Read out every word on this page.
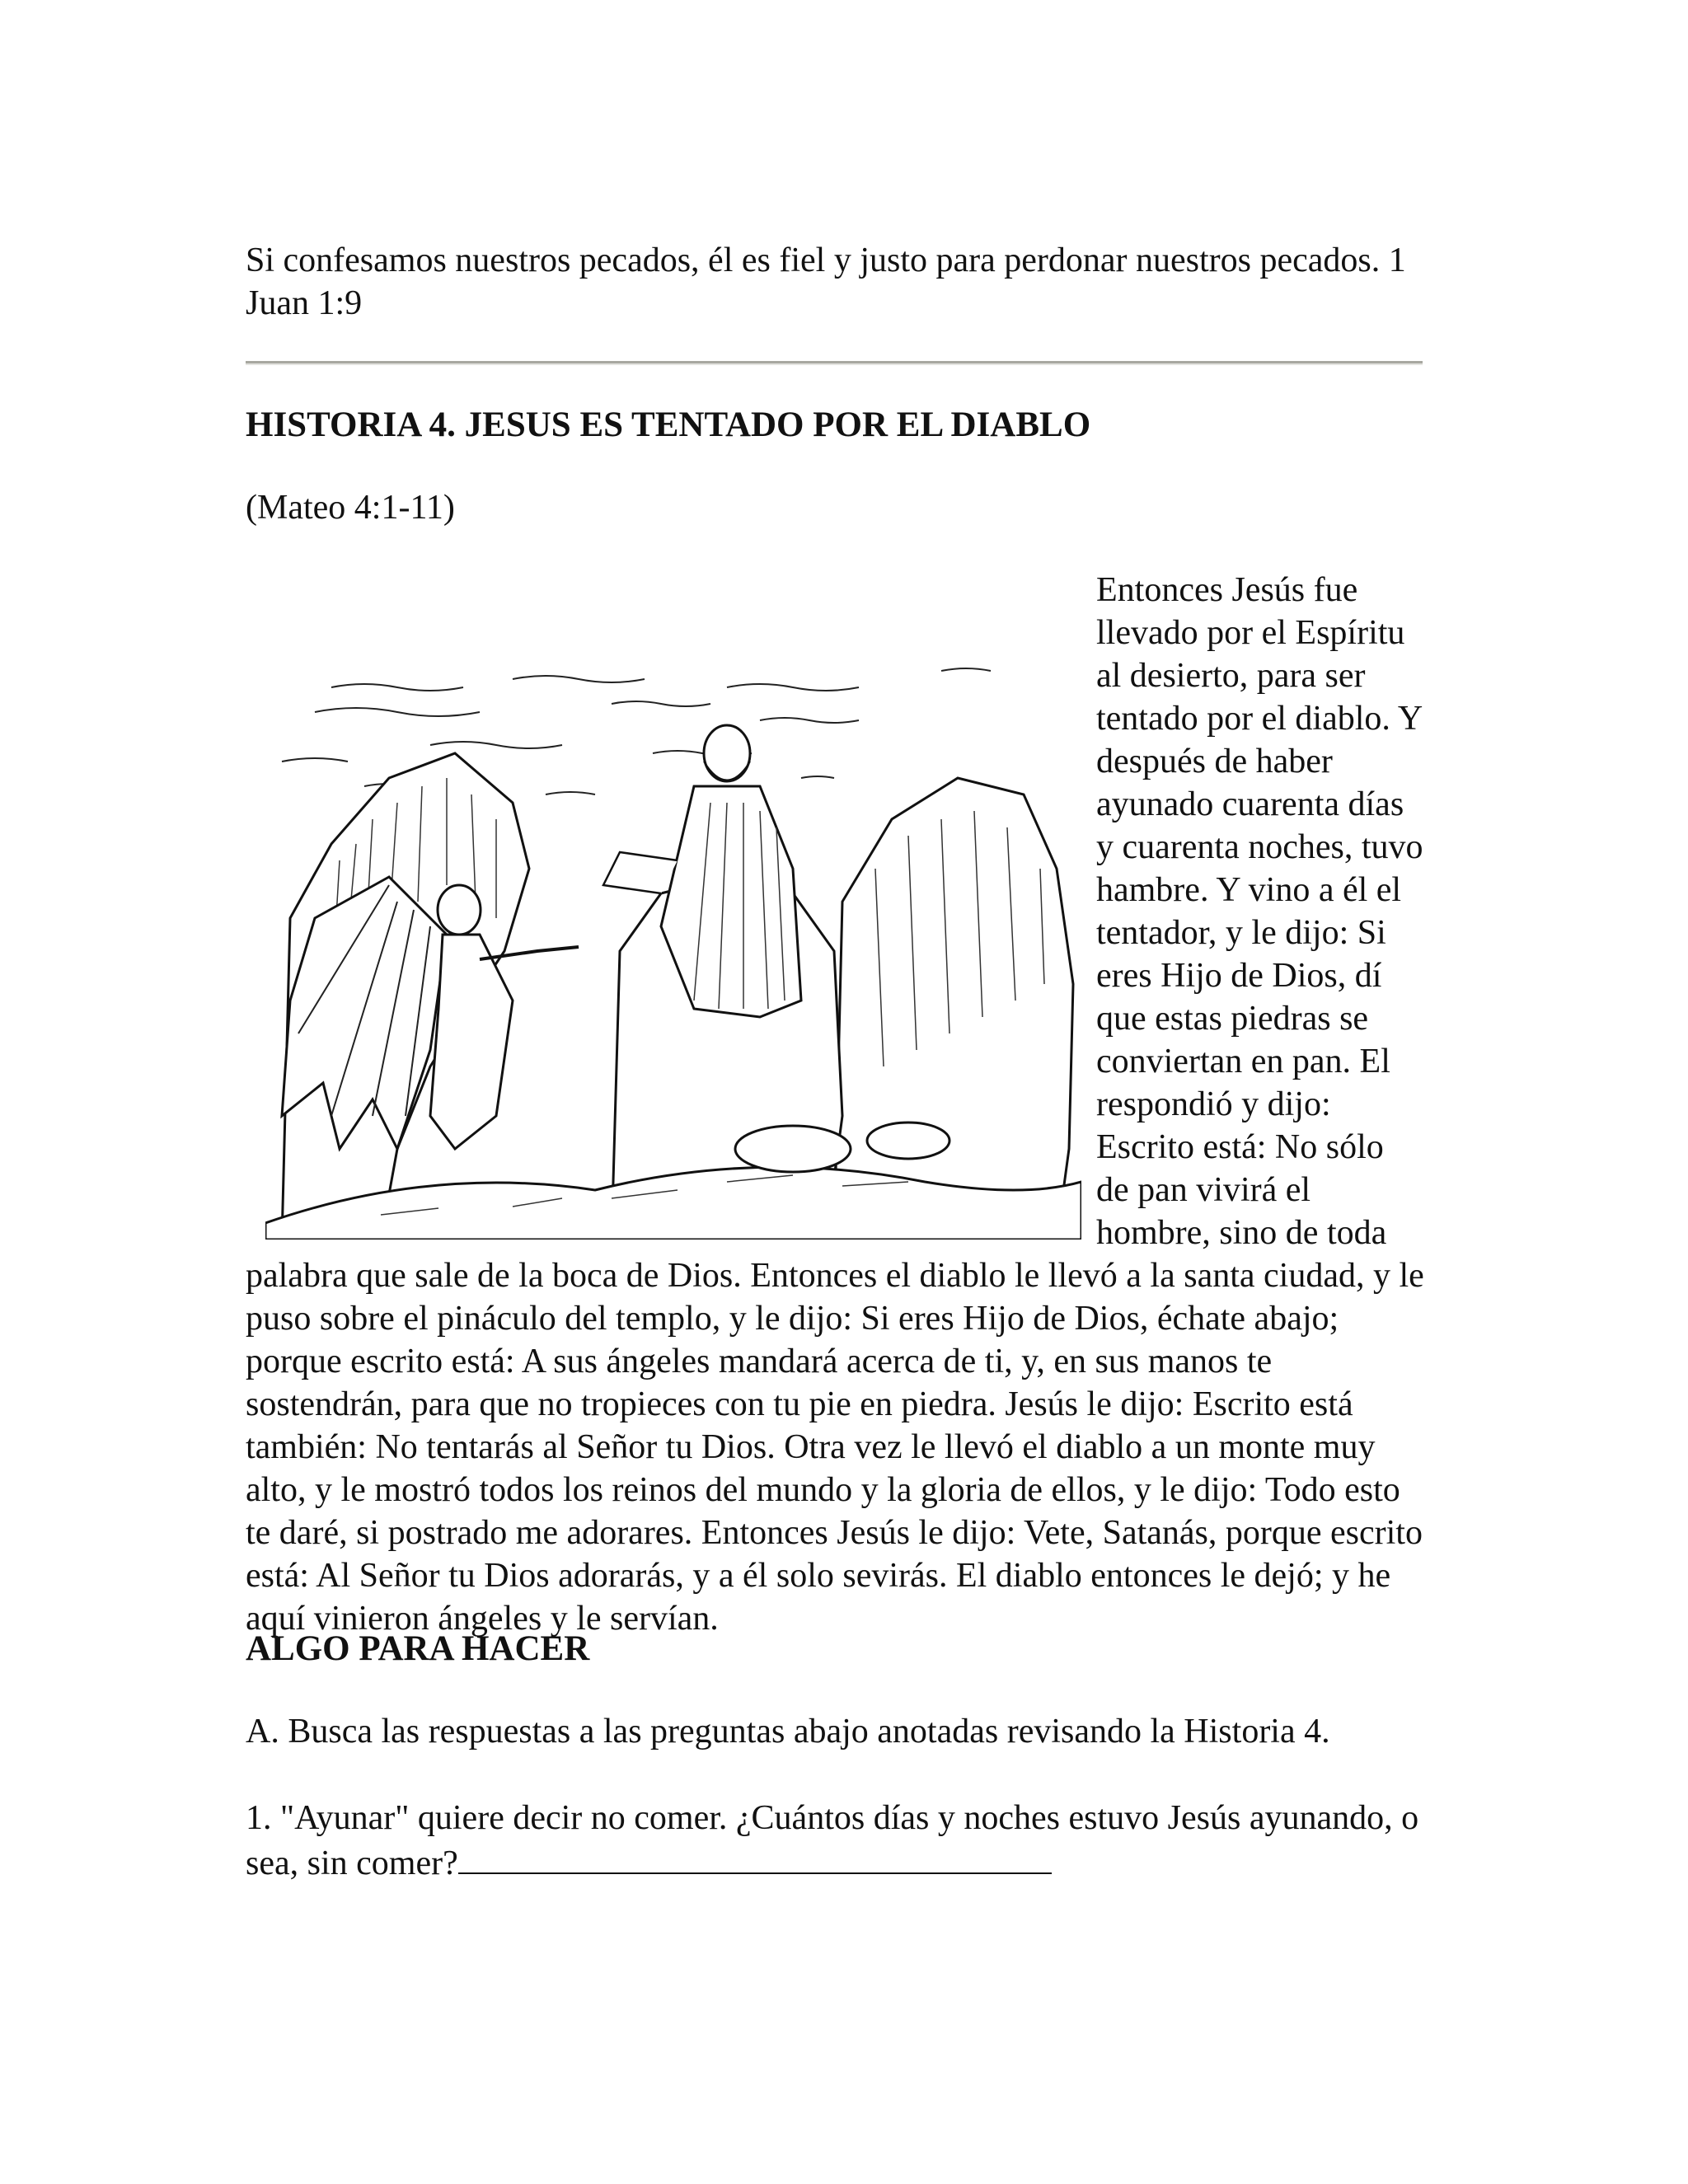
Si confesamos nuestros pecados, él es fiel y justo para perdonar nuestros pecados. 1 Juan 1:9

HISTORIA 4. JESUS ES TENTADO POR EL DIABLO

(Mateo 4:1-11)

Entonces Jesús fue llevado por el Espíritu al desierto, para ser tentado por el diablo. Y después de haber ayunado cuarenta días y cuarenta noches, tuvo hambre. Y vino a él el tentador, y le dijo: Si eres Hijo de Dios, dí que estas piedras se conviertan en pan. El respondió y dijo: Escrito está: No sólo de pan vivirá el hombre, sino de toda palabra que sale de la boca de Dios. Entonces el diablo le llevó a la santa ciudad, y le puso sobre el pináculo del templo, y le dijo: Si eres Hijo de Dios, échate abajo; porque escrito está: A sus ángeles mandará acerca de ti, y, en sus manos te sostendrán, para que no tropieces con tu pie en piedra. Jesús le dijo: Escrito está también: No tentarás al Señor tu Dios. Otra vez le llevó el diablo a un monte muy alto, y le mostró todos los reinos del mundo y la gloria de ellos, y le dijo: Todo esto te daré, si postrado me adorares. Entonces Jesús le dijo: Vete, Satanás, porque escrito está: Al Señor tu Dios adorarás, y a él solo sevirás. El diablo entonces le dejó; y he aquí vinieron ángeles y le servían.

ALGO PARA HACER

A. Busca las respuestas a las preguntas abajo anotadas revisando la Historia 4.

1. "Ayunar" quiere decir no comer. ¿Cuántos días y noches estuvo Jesús ayunando, o sea, sin comer?
